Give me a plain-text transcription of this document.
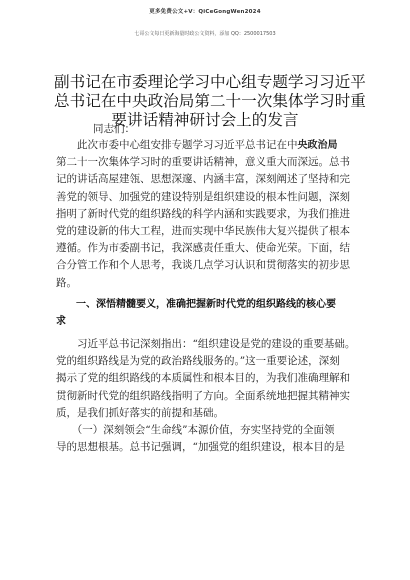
更多免费公文+V：QiCeGongWen2024
七哥公文每日更新海量时政公文资料，添加 QQ：2500017503
副书记在市委理论学习中心组专题学习习近平
总书记在中央政治局第二十一次集体学习时重
要讲话精神研讨会上的发言
同志们：
　　此次市委中心组安排专题学习习近平总书记在中央政治局
第二十一次集体学习时的重要讲话精神，意义重大而深远。总书
记的讲话高屋建瓴、思想深邃、内涵丰富，深刻阐述了坚持和完
善党的领导、加强党的建设特别是组织建设的根本性问题，深刻
指明了新时代党的组织路线的科学内涵和实践要求，为我们推进
党的建设新的伟大工程，进而实现中华民族伟大复兴提供了根本
遵循。作为市委副书记，我深感责任重大、使命光荣。下面，结
合分管工作和个人思考，我谈几点学习认识和贯彻落实的初步思
路。
　　一、深悟精髓要义，准确把握新时代党的组织路线的核心要
求
　　习近平总书记深刻指出：“组织建设是党的建设的重要基础。
党的组织路线是为党的政治路线服务的。”这一重要论述，深刻
揭示了党的组织路线的本质属性和根本目的，为我们准确理解和
贯彻新时代党的组织路线指明了方向。全面系统地把握其精神实
质，是我们抓好落实的前提和基础。
　　（一）深刻领会“生命线”本源价值，夯实坚持党的全面领
导的思想根基。总书记强调，“加强党的组织建设，根本目的是
